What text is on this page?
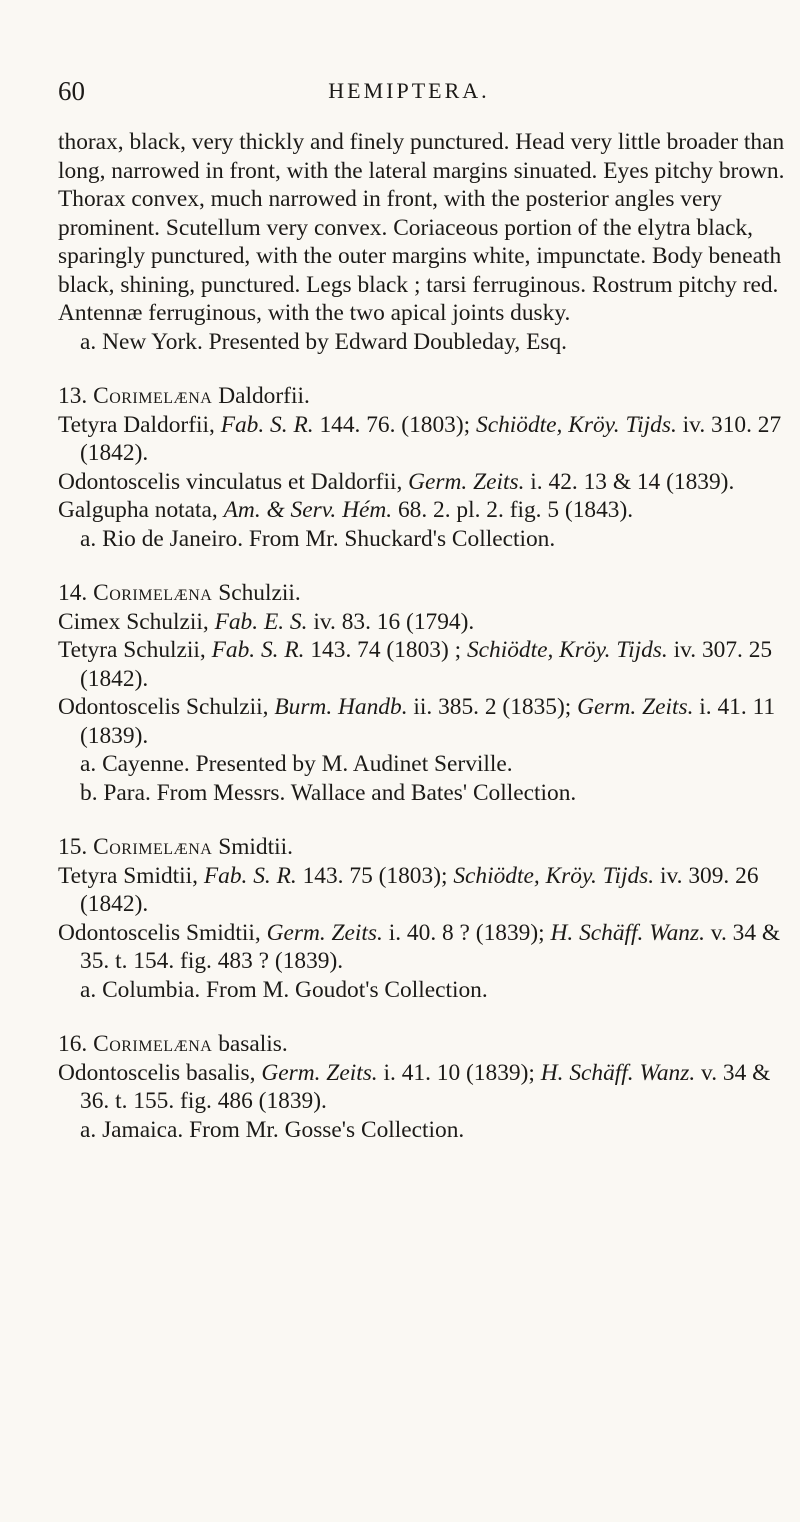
60	HEMIPTERA.

thorax, black, very thickly and finely punctured. Head very little broader than long, narrowed in front, with the lateral margins sinuated. Eyes pitchy brown. Thorax convex, much narrowed in front, with the posterior angles very prominent. Scutellum very convex. Coriaceous portion of the elytra black, sparingly punctured, with the outer margins white, impunctate. Body beneath black, shining, punctured. Legs black ; tarsi ferruginous. Rostrum pitchy red. Antennæ ferruginous, with the two apical joints dusky.

a. New York. Presented by Edward Doubleday, Esq.

13. Corimelæna Daldorfii.

Tetyra Daldorfii, Fab. S. R. 144. 76. (1803); Schiödte, Kröy. Tijds. iv. 310. 27 (1842).

Odontoscelis vinculatus et Daldorfii, Germ. Zeits. i. 42. 13 & 14 (1839).

Galgupha notata, Am. & Serv. Hém. 68. 2. pl. 2. fig. 5 (1843).

a. Rio de Janeiro. From Mr. Shuckard's Collection.

14. Corimelæna Schulzii.

Cimex Schulzii, Fab. E. S. iv. 83. 16 (1794).

Tetyra Schulzii, Fab. S. R. 143. 74 (1803) ; Schiödte, Kröy. Tijds. iv. 307. 25 (1842).

Odontoscelis Schulzii, Burm. Handb. ii. 385. 2 (1835); Germ. Zeits. i. 41. 11 (1839).

a. Cayenne. Presented by M. Audinet Serville.

b. Para. From Messrs. Wallace and Bates' Collection.

15. Corimelæna Smidtii.

Tetyra Smidtii, Fab. S. R. 143. 75 (1803); Schiödte, Kröy. Tijds. iv. 309. 26 (1842).

Odontoscelis Smidtii, Germ. Zeits. i. 40. 8 ? (1839); H. Schäff. Wanz. v. 34 & 35. t. 154. fig. 483 ? (1839).

a. Columbia. From M. Goudot's Collection.

16. Corimelæna basalis.

Odontoscelis basalis, Germ. Zeits. i. 41. 10 (1839); H. Schäff. Wanz. v. 34 & 36. t. 155. fig. 486 (1839).

a. Jamaica. From Mr. Gosse's Collection.
